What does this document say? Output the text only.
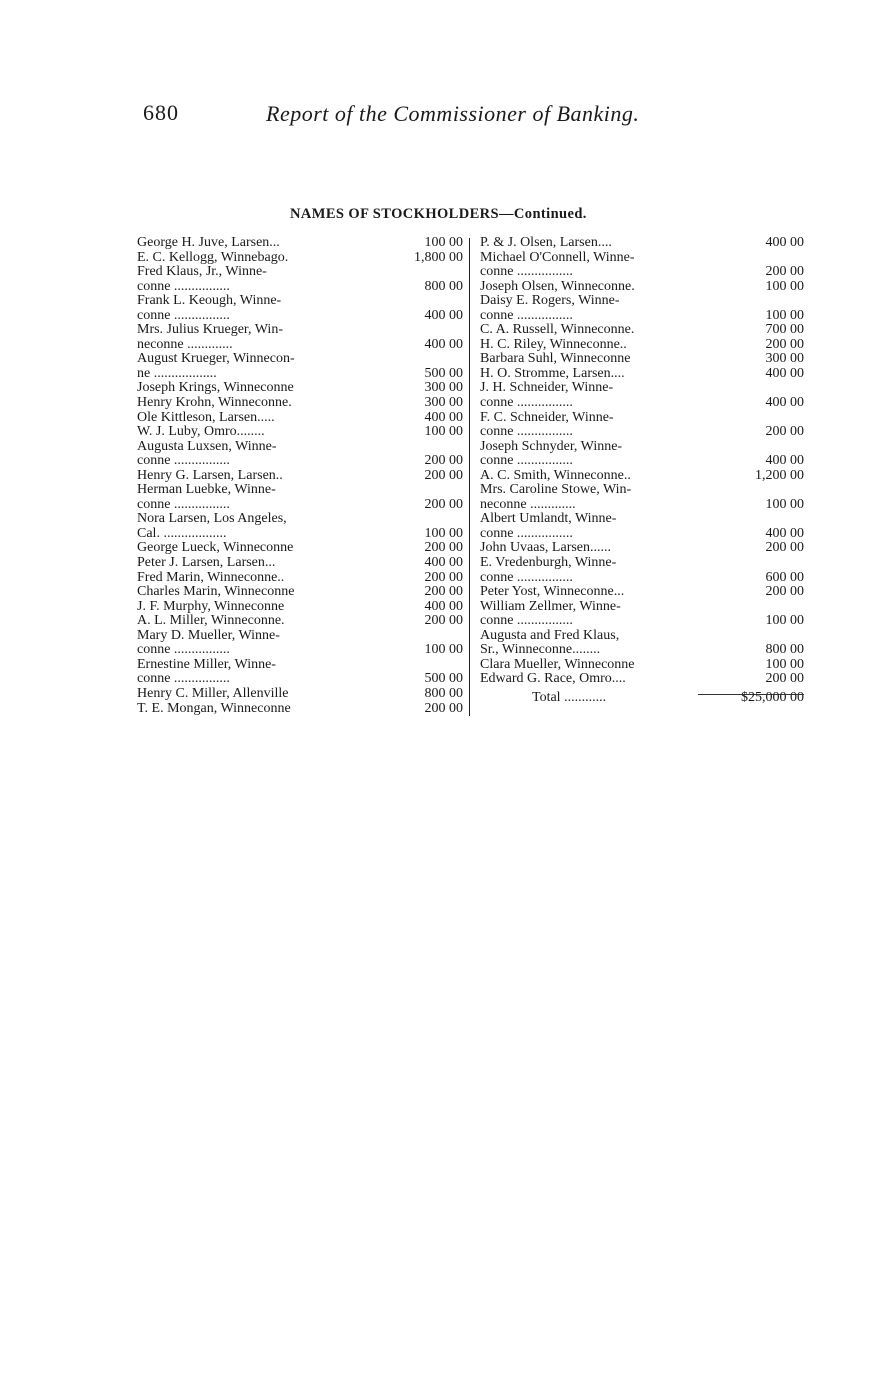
680	Report of the Commissioner of Banking.
NAMES OF STOCKHOLDERS—Continued.
George H. Juve, Larsen...	100 00
E. C. Kellogg, Winnebago.	1,800 00
Fred Klaus, Jr., Winne-
conne ................	800 00
Frank L. Keough, Winne-
conne ................	400 00
Mrs. Julius Krueger, Win-
neconne .............	400 00
August Krueger, Winnecon-
ne ..................	500 00
Joseph Krings, Winneconne	300 00
Henry Krohn, Winneconne.	300 00
Ole Kittleson, Larsen.....	400 00
W. J. Luby, Omro........	100 00
Augusta Luxsen, Winne-
conne ................	200 00
Henry G. Larsen, Larsen..	200 00
Herman Luebke, Winne-
conne ................	200 00
Nora Larsen, Los Angeles,
Cal. ..................	100 00
George Lueck, Winneconne	200 00
Peter J. Larsen, Larsen...	400 00
Fred Marin, Winneconne..	200 00
Charles Marin, Winneconne	200 00
J. F. Murphy, Winneconne	400 00
A. L. Miller, Winneconne.	200 00
Mary D. Mueller, Winne-
conne ................	100 00
Ernestine Miller, Winne-
conne ................	500 00
Henry C. Miller, Allenville	800 00
T. E. Mongan, Winneconne	200 00
P. & J. Olsen, Larsen....	400 00
Michael O'Connell, Winne-
conne ................	200 00
Joseph Olsen, Winneconne.	100 00
Daisy E. Rogers, Winne-
conne ................	100 00
C. A. Russell, Winneconne.	700 00
H. C. Riley, Winneconne..	200 00
Barbara Suhl, Winneconne	300 00
H. O. Stromme, Larsen....	400 00
J. H. Schneider, Winne-
conne ................	400 00
F. C. Schneider, Winne-
conne ................	200 00
Joseph Schnyder, Winne-
conne ................	400 00
A. C. Smith, Winneconne..	1,200 00
Mrs. Caroline Stowe, Win-
neconne .............	100 00
Albert Umlandt, Winne-
conne ................	400 00
John Uvaas, Larsen......	200 00
E. Vredenburgh, Winne-
conne ................	600 00
Peter Yost, Winneconne...	200 00
William Zellmer, Winne-
conne ................	100 00
Augusta and Fred Klaus,
Sr., Winneconne........	800 00
Clara Mueller, Winneconne	100 00
Edward G. Race, Omro....	200 00
Total ............	$25,000 00
